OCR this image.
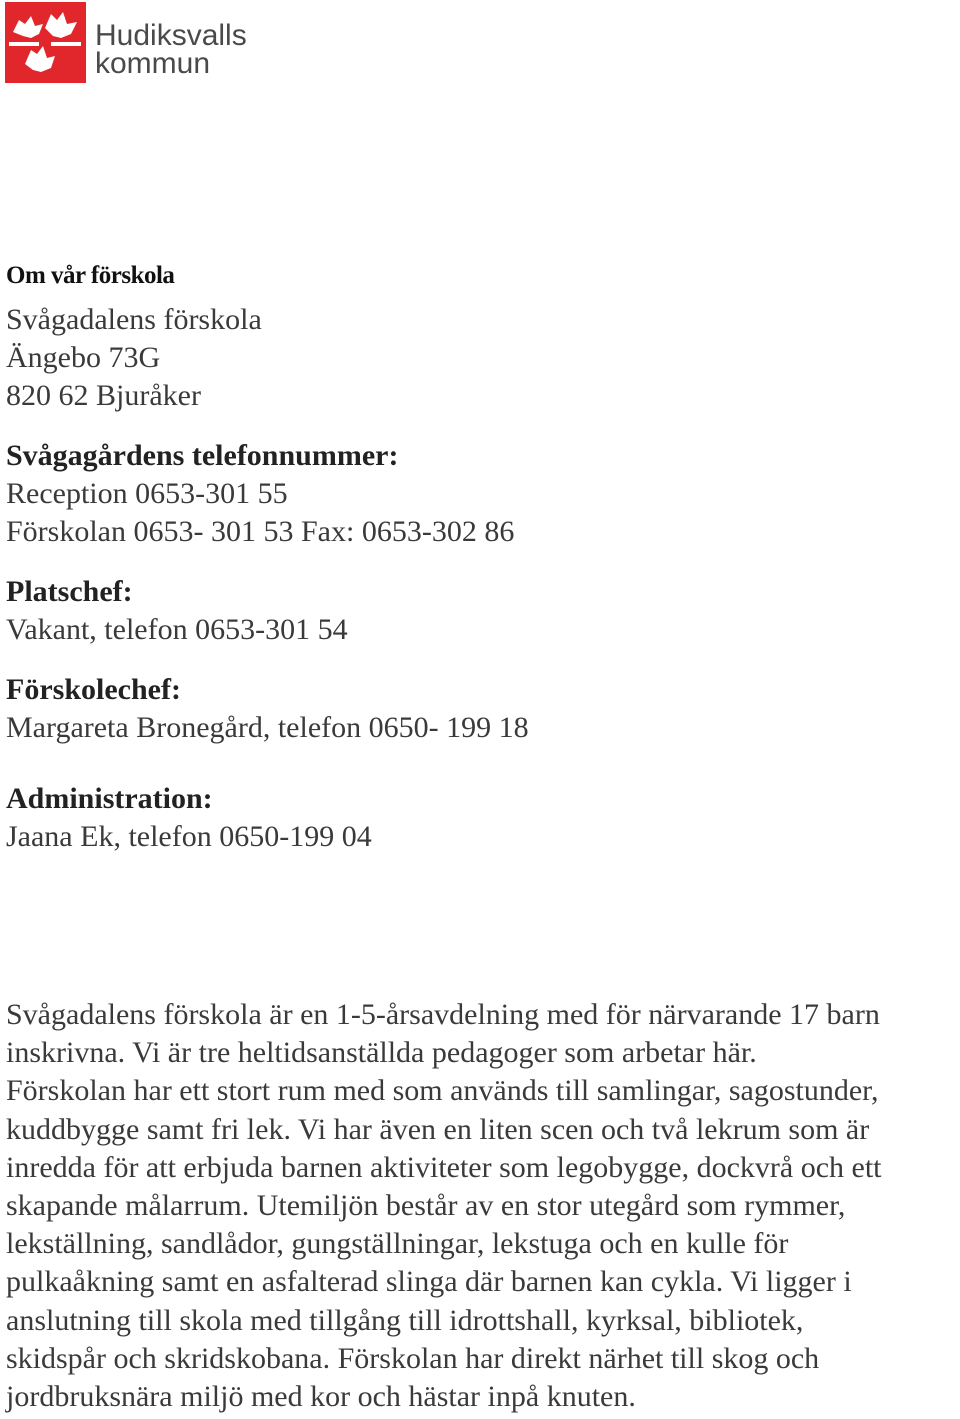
Hudiksvalls
kommun
Om vår förskola
Svågadalens förskola
Ängebo 73G
820 62 Bjuråker
Svågagårdens telefonnummer:
Reception 0653-301 55
Förskolan 0653- 301 53 Fax: 0653-302 86
Platschef:
Vakant, telefon 0653-301 54
Förskolechef:
Margareta Bronegård, telefon 0650- 199 18
Administration:
Jaana Ek, telefon 0650-199 04
Svågadalens förskola är en 1-5-årsavdelning med för närvarande 17 barn
inskrivna. Vi är tre heltidsanställda pedagoger som arbetar här.
Förskolan har ett stort rum med som används till samlingar, sagostunder,
kuddbygge samt fri lek. Vi har även en liten scen och två lekrum som är
inredda för att erbjuda barnen aktiviteter som legobygge, dockvrå och ett
skapande målarrum. Utemiljön består av en stor utegård som rymmer,
lekställning, sandlådor, gungställningar, lekstuga och en kulle för
pulkaåkning samt en asfalterad slinga där barnen kan cykla. Vi ligger i
anslutning till skola med tillgång till idrottshall, kyrksal, bibliotek,
skidspår och skridskobana. Förskolan har direkt närhet till skog och
jordbruksnära miljö med kor och hästar inpå knuten.
